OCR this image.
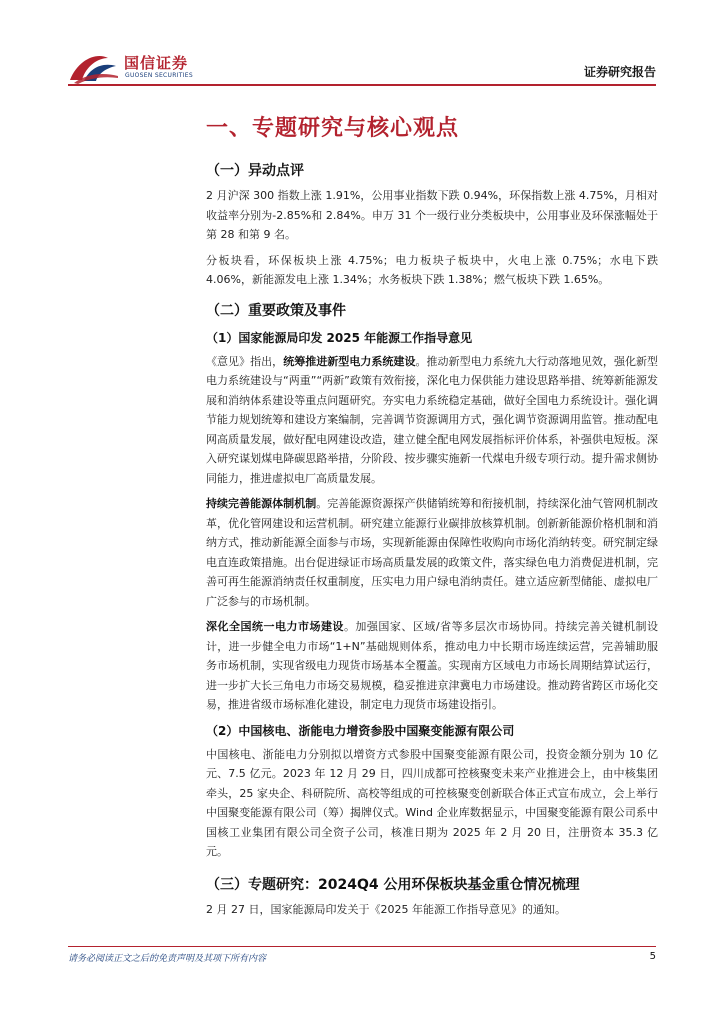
国信证券
GUOSEN SECURITIES	证券研究报告
一、专题研究与核心观点
（一）异动点评

2 月沪深 300 指数上涨 1.91%，公用事业指数下跌 0.94%，环保指数上涨 4.75%，月相对收益率分别为-2.85%和 2.84%。申万 31 个一级行业分类板块中，公用事业及环保涨幅处于第 28 和第 9 名。

分板块看，环保板块上涨 4.75%；电力板块子板块中，火电上涨 0.75%；水电下跌 4.06%，新能源发电上涨 1.34%；水务板块下跌 1.38%；燃气板块下跌 1.65%。

（二）重要政策及事件
（1）国家能源局印发 2025 年能源工作指导意见

《意见》指出，统筹推进新型电力系统建设。推动新型电力系统九大行动落地见效，强化新型电力系统建设与“两重”“两新”政策有效衔接，深化电力保供能力建设思路举措、统筹新能源发展和消纳体系建设等重点问题研究。夯实电力系统稳定基础，做好全国电力系统设计。强化调节能力规划统筹和建设方案编制，完善调节资源调用方式，强化调节资源调用监管。推动配电网高质量发展，做好配电网建设改造，建立健全配电网发展指标评价体系，补强供电短板。深入研究谋划煤电降碳思路举措，分阶段、按步骤实施新一代煤电升级专项行动。提升需求侧协同能力，推进虚拟电厂高质量发展。

持续完善能源体制机制。完善能源资源探产供储销统筹和衔接机制，持续深化油气管网机制改革，优化管网建设和运营机制。研究建立能源行业碳排放核算机制。创新新能源价格机制和消纳方式，推动新能源全面参与市场，实现新能源由保障性收购向市场化消纳转变。研究制定绿电直连政策措施。出台促进绿证市场高质量发展的政策文件，落实绿色电力消费促进机制，完善可再生能源消纳责任权重制度，压实电力用户绿电消纳责任。建立适应新型储能、虚拟电厂广泛参与的市场机制。

深化全国统一电力市场建设。加强国家、区域/省等多层次市场协同。持续完善关键机制设计，进一步健全电力市场“1+N”基础规则体系，推动电力中长期市场连续运营，完善辅助服务市场机制，实现省级电力现货市场基本全覆盖。实现南方区域电力市场长周期结算试运行，进一步扩大长三角电力市场交易规模，稳妥推进京津冀电力市场建设。推动跨省跨区市场化交易，推进省级市场标准化建设，制定电力现货市场建设指引。

（2）中国核电、浙能电力增资参股中国聚变能源有限公司

中国核电、浙能电力分别拟以增资方式参股中国聚变能源有限公司，投资金额分别为 10 亿元、7.5 亿元。2023 年 12 月 29 日，四川成都可控核聚变未来产业推进会上，由中核集团牵头，25 家央企、科研院所、高校等组成的可控核聚变创新联合体正式宣布成立，会上举行中国聚变能源有限公司（筹）揭牌仪式。Wind 企业库数据显示，中国聚变能源有限公司系中国核工业集团有限公司全资子公司，核准日期为 2025 年 2 月 20 日，注册资本 35.3 亿元。

（三）专题研究：2024Q4 公用环保板块基金重仓情况梳理

2 月 27 日，国家能源局印发关于《2025 年能源工作指导意见》的通知。

请务必阅读正文之后的免责声明及其项下所有内容	5
